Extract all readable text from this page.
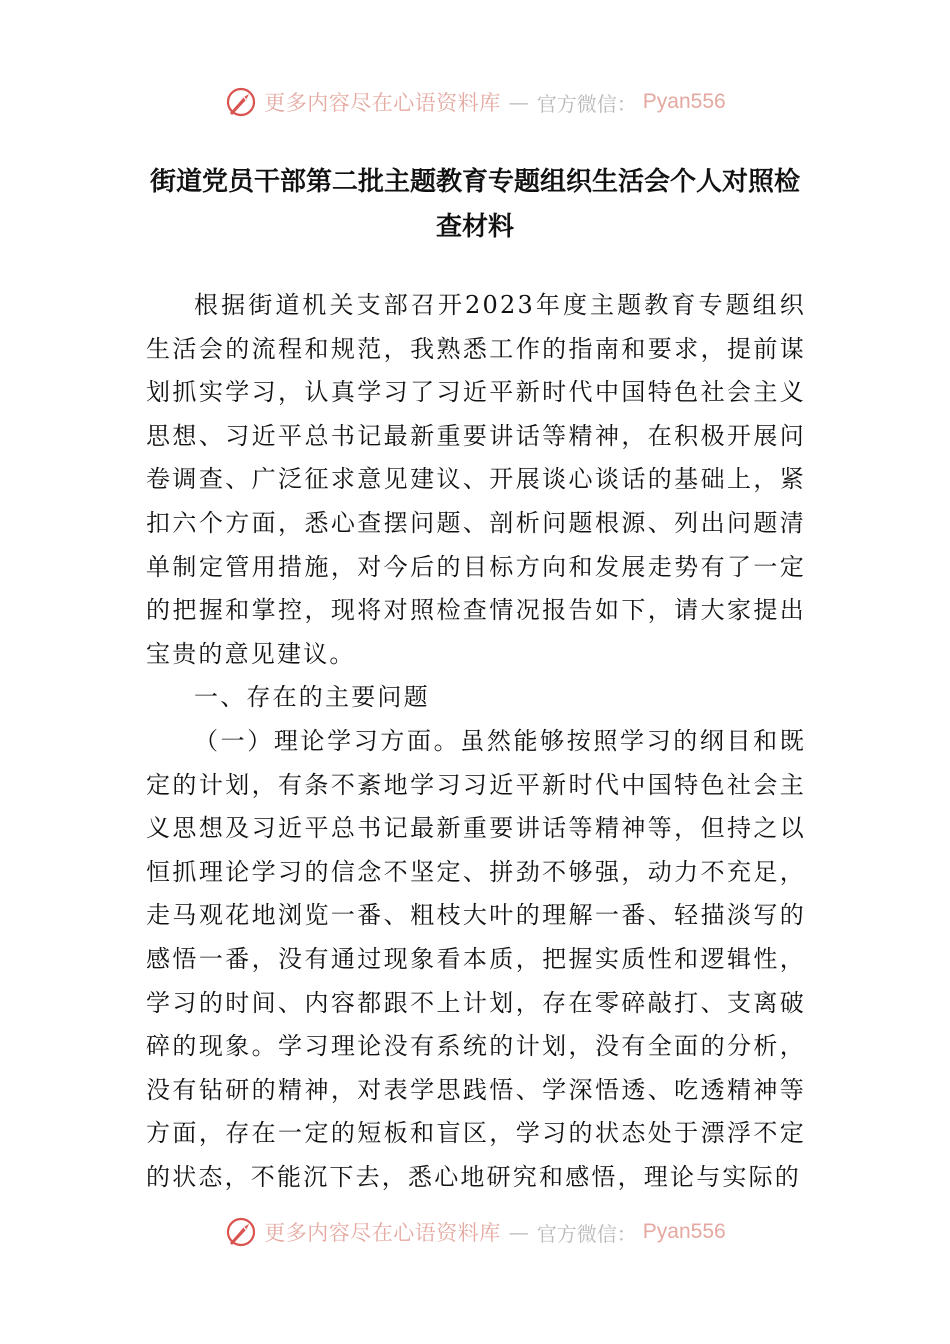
更多内容尽在心语资料库 — 官方微信： Pyan556
街道党员干部第二批主题教育专题组织生活会个人对照检查材料

根据街道机关支部召开2023年度主题教育专题组织生活会的流程和规范，我熟悉工作的指南和要求，提前谋划抓实学习，认真学习了习近平新时代中国特色社会主义思想、习近平总书记最新重要讲话等精神，在积极开展问卷调查、广泛征求意见建议、开展谈心谈话的基础上，紧扣六个方面，悉心查摆问题、剖析问题根源、列出问题清单制定管用措施，对今后的目标方向和发展走势有了一定的把握和掌控，现将对照检查情况报告如下，请大家提出宝贵的意见建议。

一、存在的主要问题

（一）理论学习方面。虽然能够按照学习的纲目和既定的计划，有条不紊地学习习近平新时代中国特色社会主义思想及习近平总书记最新重要讲话等精神等，但持之以恒抓理论学习的信念不坚定、拼劲不够强，动力不充足，走马观花地浏览一番、粗枝大叶的理解一番、轻描淡写的感悟一番，没有通过现象看本质，把握实质性和逻辑性，学习的时间、内容都跟不上计划，存在零碎敲打、支离破碎的现象。学习理论没有系统的计划，没有全面的分析，没有钻研的精神，对表学思践悟、学深悟透、吃透精神等方面，存在一定的短板和盲区，学习的状态处于漂浮不定的状态，不能沉下去，悉心地研究和感悟，理论与实际的

更多内容尽在心语资料库 — 官方微信： Pyan556
